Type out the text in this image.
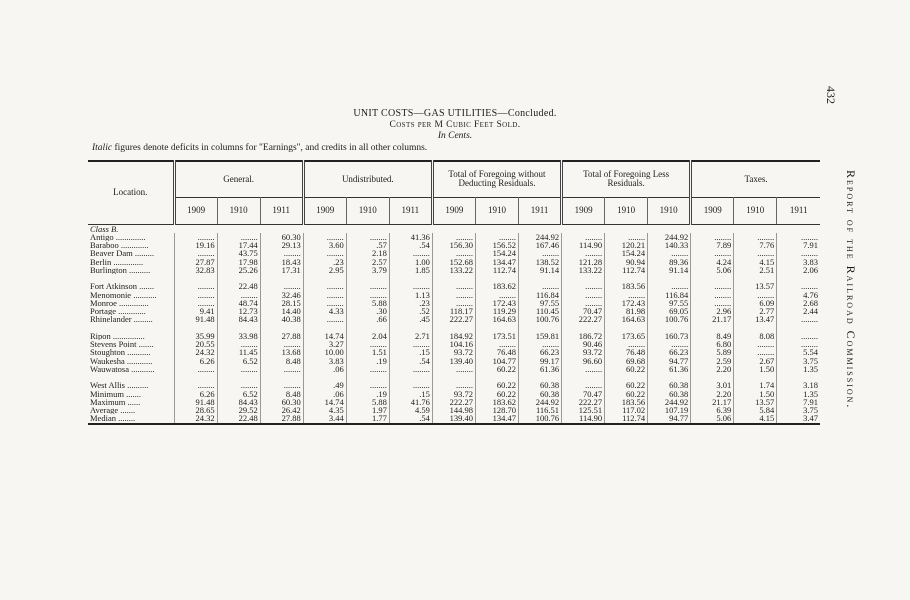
432
Report of the Railroad Commission.
UNIT COSTS—GAS UTILITIES—Concluded.
Costs per M Cubic Feet Sold.
In Cents.
Italic figures denote deficits in columns for "Earnings", and credits in all other columns.
Location.	General.			Undistributed.			Total of Foregoing without Deducting Residuals.			Total of Foregoing Less Residuals.			Taxes.		
	1909	1910	1911	1909	1910	1911	1909	1910	1911	1909	1910	1910	1909	1910	1911
Class B.															
Antigo ..............	........	........	60.30	........	........	41.36	........	........	244.92	........	........	244.92	........	........	........
Baraboo .............	19.16	17.44	29.13	3.60	.57	.54	156.30	156.52	167.46	114.90	120.21	140.33	7.89	7.76	7.91
Beaver Dam .........	........	43.75	........	........	2.18	........	........	154.24	........	........	154.24	........	........	........	........
Berlin ..............	27.87	17.98	18.43	.23	2.57	1.00	152.68	134.47	138.52	121.28	90.94	89.36	4.24	4.15	3.83
Burlington ..........	32.83	25.26	17.31	2.95	3.79	1.85	133.22	112.74	91.14	133.22	112.74	91.14	5.06	2.51	2.06

Fort Atkinson .......	........	22.48	........	........	........	........	........	183.62	........	........	183.56	........	........	13.57	........
Menomonie ...........	........	........	32.46	........	........	1.13	........	........	116.84	........	........	116.84	........	........	4.76
Monroe ..............	........	48.74	28.15	........	5.88	.23	........	172.43	97.55	........	172.43	97.55	........	6.09	2.68
Portage .............	9.41	12.73	14.40	4.33	.30	.52	118.17	119.29	110.45	70.47	81.98	69.05	2.96	2.77	2.44
Rhinelander .........	91.48	84.43	40.38	........	.66	.45	222.27	164.63	100.76	222.27	164.63	100.76	21.17	13.47	........

Ripon ...............	35.99	33.98	27.88	14.74	2.04	2.71	184.92	173.51	159.81	186.72	173.65	160.73	8.49	8.08	........
Stevens Point .......	20.55	........	........	3.27	........	........	104.16	........	........	90.46	........	........	6.80	........	........
Stoughton ...........	24.32	11.45	13.68	10.00	1.51	.15	93.72	76.48	66.23	93.72	76.48	66.23	5.89	........	5.54
Waukesha ............	6.26	6.52	8.48	3.83	.19	.54	139.40	104.77	99.17	96.60	69.68	94.77	2.59	2.67	3.75
Wauwatosa ...........	........	........	........	.06	........	........	........	60.22	61.36	........	60.22	61.36	2.20	1.50	1.35

West Allis ..........	........	........	........	.49	........	........	........	60.22	60.38	........	60.22	60.38	3.01	1.74	3.18
Minimum .......	6.26	6.52	8.48	.06	.19	.15	93.72	60.22	60.38	70.47	60.22	60.38	2.20	1.50	1.35
Maximum ......	91.48	84.43	60.30	14.74	5.88	41.76	222.27	183.62	244.92	222.27	183.56	244.92	21.17	13.57	7.91
Average .......	28.65	29.52	26.42	4.35	1.97	4.59	144.98	128.70	116.51	125.51	117.02	107.19	6.39	5.84	3.75
Median ........	24.32	22.48	27.88	3.44	1.77	.54	139.40	134.47	100.76	114.90	112.74	94.77	5.06	4.15	3.47
